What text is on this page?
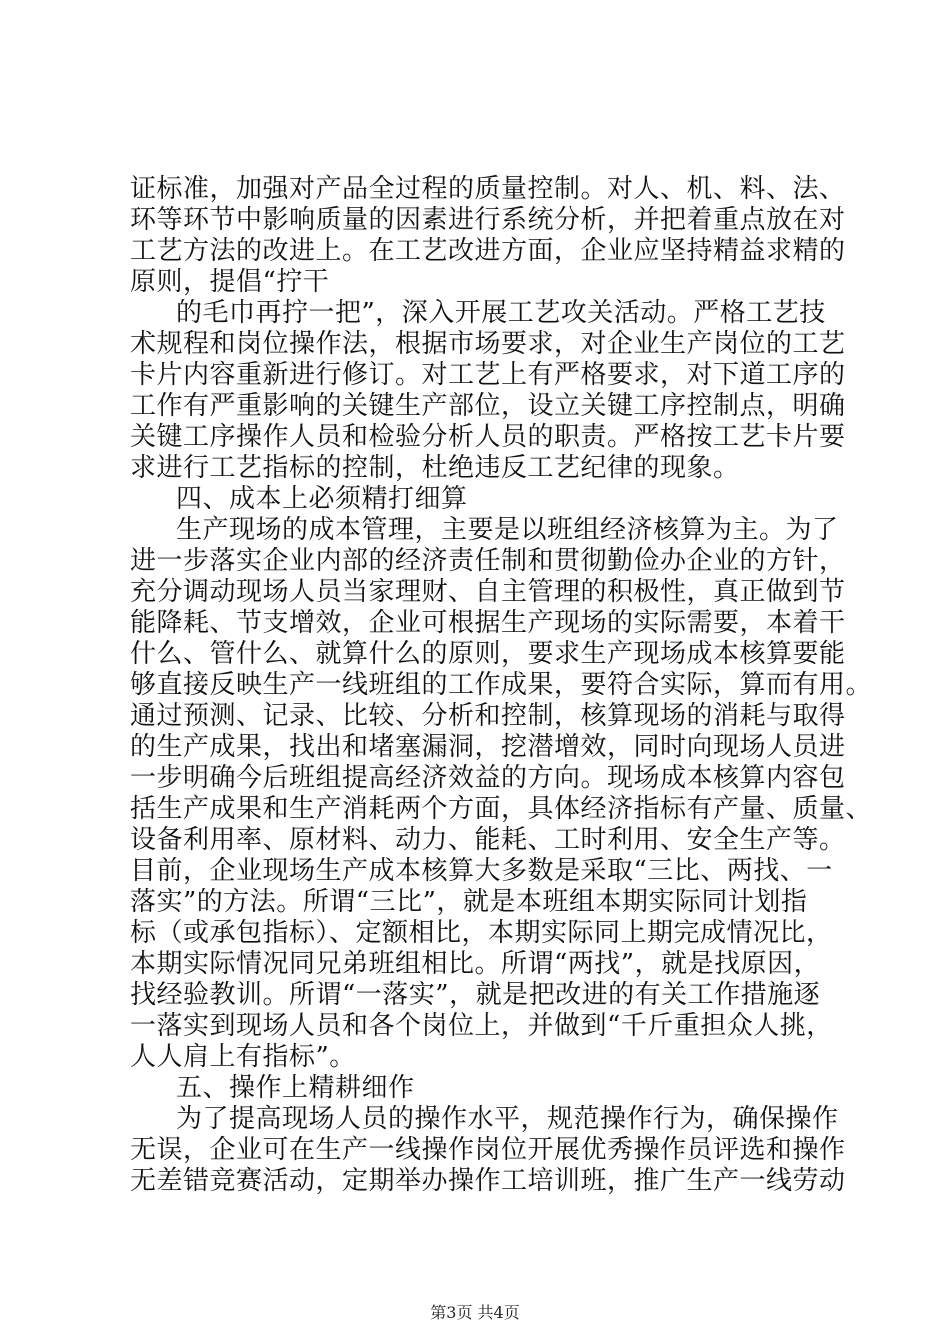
证标准，加强对产品全过程的质量控制。对人、机、料、法、
环等环节中影响质量的因素进行系统分析，并把着重点放在对
工艺方法的改进上。在工艺改进方面，企业应坚持精益求精的
原则，提倡“拧干
的毛巾再拧一把”，深入开展工艺攻关活动。严格工艺技
术规程和岗位操作法，根据市场要求，对企业生产岗位的工艺
卡片内容重新进行修订。对工艺上有严格要求，对下道工序的
工作有严重影响的关键生产部位，设立关键工序控制点，明确
关键工序操作人员和检验分析人员的职责。严格按工艺卡片要
求进行工艺指标的控制，杜绝违反工艺纪律的现象。
四、成本上必须精打细算
生产现场的成本管理，主要是以班组经济核算为主。为了
进一步落实企业内部的经济责任制和贯彻勤俭办企业的方针，
充分调动现场人员当家理财、自主管理的积极性，真正做到节
能降耗、节支增效，企业可根据生产现场的实际需要，本着干
什么、管什么、就算什么的原则，要求生产现场成本核算要能
够直接反映生产一线班组的工作成果，要符合实际，算而有用。
通过预测、记录、比较、分析和控制，核算现场的消耗与取得
的生产成果，找出和堵塞漏洞，挖潜增效，同时向现场人员进
一步明确今后班组提高经济效益的方向。现场成本核算内容包
括生产成果和生产消耗两个方面，具体经济指标有产量、质量、
设备利用率、原材料、动力、能耗、工时利用、安全生产等。
目前，企业现场生产成本核算大多数是采取“三比、两找、一
落实”的方法。所谓“三比”，就是本班组本期实际同计划指
标（或承包指标）、定额相比，本期实际同上期完成情况比，
本期实际情况同兄弟班组相比。所谓“两找”，就是找原因，
找经验教训。所谓“一落实”，就是把改进的有关工作措施逐
一落实到现场人员和各个岗位上，并做到“千斤重担众人挑，
人人肩上有指标”。
五、操作上精耕细作
为了提高现场人员的操作水平，规范操作行为，确保操作
无误，企业可在生产一线操作岗位开展优秀操作员评选和操作
无差错竞赛活动，定期举办操作工培训班，推广生产一线劳动
第3页 共4页
